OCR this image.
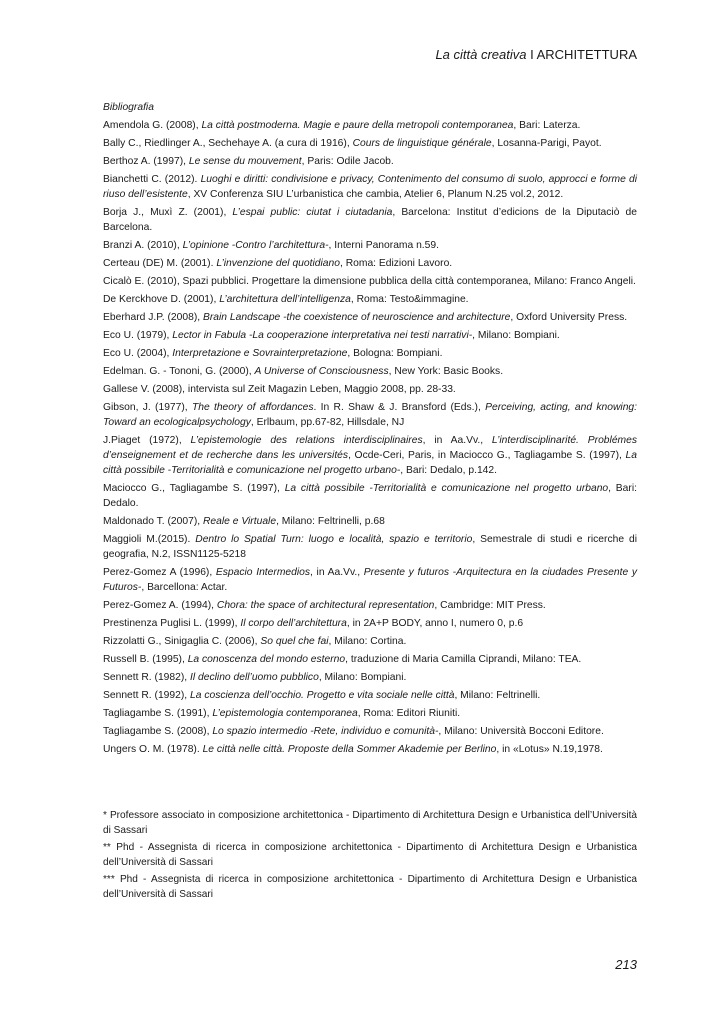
La città creativa I ARCHITETTURA
Bibliografia

Amendola G. (2008), La città postmoderna. Magie e paure della metropoli contemporanea, Bari: Laterza.

Bally C., Riedlinger A., Sechehaye A. (a cura di 1916), Cours de linguistique générale, Losanna-Parigi, Payot.

Berthoz A. (1997), Le sense du mouvement, Paris: Odile Jacob.

Bianchetti C. (2012). Luoghi e diritti: condivisione e privacy, Contenimento del consumo di suolo, approcci e forme di riuso dell’esistente, XV Conferenza SIU L’urbanistica che cambia, Atelier 6, Planum N.25 vol.2, 2012.

Borja J., Muxì Z. (2001), L’espai public: ciutat i ciutadania, Barcelona: Institut d’edicions de la Diputaciò de Barcelona.

Branzi A. (2010), L’opinione -Contro l’architettura-, Interni Panorama n.59.

Certeau (DE) M. (2001). L’invenzione del quotidiano, Roma: Edizioni Lavoro.

Cicalò E. (2010), Spazi pubblici. Progettare la dimensione pubblica della città contemporanea, Milano: Franco Angeli.

De Kerckhove D. (2001), L’architettura dell’intelligenza, Roma: Testo&immagine.

Eberhard J.P. (2008), Brain Landscape -the coexistence of neuroscience and architecture, Oxford University Press.

Eco U. (1979), Lector in Fabula -La cooperazione interpretativa nei testi narrativi-, Milano: Bompiani.

Eco U. (2004), Interpretazione e Sovrainterpretazione, Bologna: Bompiani.

Edelman. G. - Tononi, G. (2000), A Universe of Consciousness, New York: Basic Books.

Gallese V. (2008), intervista sul Zeit Magazin Leben, Maggio 2008, pp. 28-33.

Gibson, J. (1977), The theory of affordances. In R. Shaw & J. Bransford (Eds.), Perceiving, acting, and knowing: Toward an ecologicalpsychology, Erlbaum, pp.67-82, Hillsdale, NJ

J.Piaget (1972), L’epistemologie des relations interdisciplinaires, in Aa.Vv., L’interdisciplinarité. Problémes d’enseignement et de recherche dans les universités, Ocde-Ceri, Paris, in Maciocco G., Tagliagambe S. (1997), La città possibile -Territorialità e comunicazione nel progetto urbano-, Bari: Dedalo, p.142.

Maciocco G., Tagliagambe S. (1997), La città possibile -Territorialità e comunicazione nel progetto urbano, Bari: Dedalo.

Maldonado T. (2007), Reale e Virtuale, Milano: Feltrinelli, p.68

Maggioli M.(2015). Dentro lo Spatial Turn: luogo e località, spazio e territorio, Semestrale di studi e ricerche di geografia, N.2, ISSN1125-5218

Perez-Gomez A (1996), Espacio Intermedios, in Aa.Vv., Presente y futuros -Arquitectura en la ciudades Presente y Futuros-, Barcellona: Actar.

Perez-Gomez A. (1994), Chora: the space of architectural representation, Cambridge: MIT Press.

Prestinenza Puglisi L. (1999), Il corpo dell’architettura, in 2A+P BODY, anno I, numero 0, p.6

Rizzolatti G., Sinigaglia C. (2006), So quel che fai, Milano: Cortina.

Russell B. (1995), La conoscenza del mondo esterno, traduzione di Maria Camilla Ciprandi, Milano: TEA.

Sennett R. (1982), Il declino dell’uomo pubblico, Milano: Bompiani.

Sennett R. (1992), La coscienza dell’occhio. Progetto e vita sociale nelle città, Milano: Feltrinelli.

Tagliagambe S. (1991), L’epistemologia contemporanea, Roma: Editori Riuniti.

Tagliagambe S. (2008), Lo spazio intermedio -Rete, individuo e comunità-, Milano: Università Bocconi Editore.

Ungers O. M. (1978). Le città nelle città. Proposte della Sommer Akademie per Berlino, in «Lotus» N.19,1978.

* Professore associato in composizione architettonica - Dipartimento di Architettura Design e Urbanistica dell’Università di Sassari

** Phd - Assegnista di ricerca in composizione architettonica - Dipartimento di Architettura Design e Urbanistica dell’Università di Sassari

*** Phd - Assegnista di ricerca in composizione architettonica - Dipartimento di Architettura Design e Urbanistica dell’Università di Sassari

213
